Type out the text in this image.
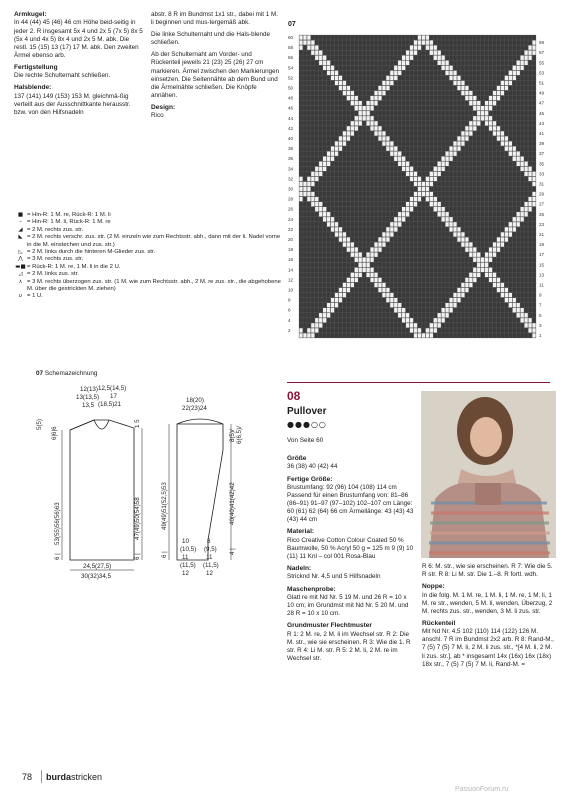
Armkugel:

In 44 (44) 45 (46) 46 cm Höhe beid-seitig in jeder 2. R insgesamt 5x 4 und 2x 5 (7x 5) 8x 5 (5x 4 und 4x 5) 8x 4 und 2x 5 M. abk. Die restl. 15 (15) 13 (17) 17 M. abk. Den zweiten Ärmel ebenso arb.

Fertigstellung

Die rechte Schulternaht schließen.

Halsblende:

137 (141) 149 (153) 153 M. gleichmä-ßig verteilt aus der Ausschnittkante herausstr. bzw. von den Hilfsnadeln

abstr. 8 R im Bundmst 1x1 str., dabei mit 1 M. li beginnen und mus-tergemäß abk.

Die linke Schulternaht und die Hals-blende schließen.

Ab der Schulternaht am Vorder- und Rückenteil jeweils 21 (23) 25 (26) 27 cm markieren. Ärmel zwischen den Markierungen einsetzen. Die Seitennähte ab dem Bund und die Ärmelnähte schließen. Die Knöpfe annähen.

Design:

Rico

■ = Hin-R: 1 M. re, Rück-R: 1 M. li
– = Hin-R: 1 M. li, Rück-R: 1 M. re
◢ = 2 M. rechts zus. str.
◣ = 2 M. rechts verschr. zus. str. (2 M. einzeln wie zum Rechtsstr. abh., dann mit der li. Nadel vorne in die M. einstechen und zus. str.)
◺ = 2 M. links durch die hinteren M-Glieder zus. str.
⋀ = 3 M. rechts zus. str.
▬■ = Rück-R: 1 M. re, 1 M. li in die 2 U.
◿ = 2 M. links zus. str.
⋏ = 3 M. rechts überzogen zus. str. (1 M. wie zum Rechtsstr. abh., 2 M. re zus. str., die abgehobene M. über die gestrickten M. ziehen)
υ = 1 U.
07
60
58
56
54
52
50
48
46
44
42
40
38
36
34
32
30
28
26
24
22
20
18
16
14
12
10
8
6
4
2
59
57
55
53
51
49
47
45
43
41
39
37
35
33
31
29
27
25
23
21
19
17
15
13
11
9
7
5
3
1
07 Schemazeichnung
12(13)
13(13,5)
13,5
12,5(14,5)
17
(18,5)21
5(5)
6|6|6
1 5
53(55)56(56)63	47(49)50(54)58
6 |
6 |
24,5(27,5)
30(32)34,5
18(20)
22(23)24
8(5)/ 6(6,5)/
49(49)51(52,5)53	40(40)41(42)42
4 |
6 |
10
(10,5)
11
(11,5)
12
8
(9,5)
11
(11,5)
12
08
Pullover
●●●○○
Von Seite 60

Größe

36 (38) 40 (42) 44

Fertige Größe:

Brustumfang: 92 (96) 104 (108) 114 cm Passend für einen Brustumfang von: 81–86 (86–91) 91–97 (97–102) 102–107 cm Länge: 60 (61) 62 (64) 66 cm Ärmellänge: 43 (43) 43 (43) 44 cm

Material:

Rico Creative Cotton Colour Coated 50 % Baumwolle, 50 % Acryl 50 g = 125 m 9 (9) 10 (11) 11 Knl – col 001 Rosa-Blau

Nadeln:

Stricknd Nr. 4,5 und 5 Hilfsnadeln

Maschenprobe:

Glatt re mit Nd Nr. 5 19 M. und 26 R = 10 x 10 cm; im Grundmst mit Nd Nr. 5 20 M. und 28 R = 10 x 10 cm.

Grundmuster Flechtmuster

R 1: 2 M. re, 2 M. li im Wechsel str. R 2: Die M. str., wie sie erscheinen. R 3: Wie die 1. R str. R 4: Li M. str. R 5: 2 M. li, 2 M. re im Wechsel str.

R 6: M. str., wie sie erscheinen. R 7: Wie die 5. R str. R 8: Li M. str. Die 1.–8. R fortl. wdh.

Noppe:

In die folg. M. 1 M. re, 1 M. li, 1 M. re, 1 M. li, 1 M. re str., wenden, 5 M. li, wenden, Überzug, 2 M. rechts zus. str., wenden, 3 M. li zus. str.

Rückenteil

Mit Nd Nr. 4,5 102 (110) 114 (122) 126 M. anschl. 7 R im Bundmst 2x2 arb. R 8: Rand-M., 7 (5) 7 (5) 7 M. li, 2 M. li zus. str., *[4 M. li, 2 M. li zus. str.], ab * insgesamt 14x (16x) 16x (18x) 18x str., 7 (5) 7 (5) 7 M. li, Rand-M. =

78 burdastricken
PassionForum.ru
